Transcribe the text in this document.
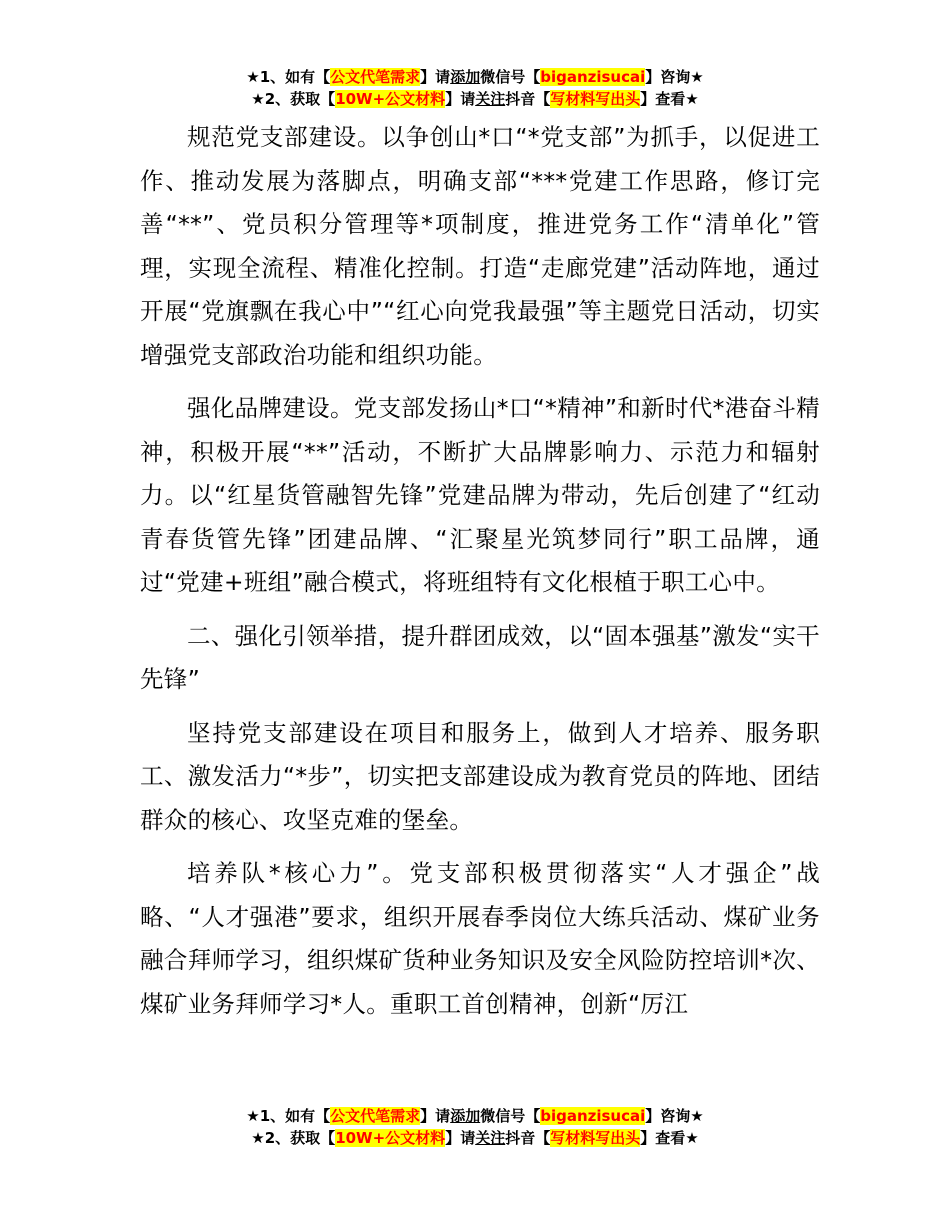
★1、如有【公文代笔需求】请添加微信号【biganzisucai】咨询★
★2、获取【10W+公文材料】请关注抖音【写材料写出头】查看★

规范党支部建设。以争创山*口“*党支部”为抓手，以促进工作、推动发展为落脚点，明确支部“***党建工作思路，修订完善“**”、党员积分管理等*项制度，推进党务工作“清单化”管理，实现全流程、精准化控制。打造“走廊党建”活动阵地，通过开展“党旗飘在我心中”“红心向党我最强”等主题党日活动，切实增强党支部政治功能和组织功能。

强化品牌建设。党支部发扬山*口“*精神”和新时代*港奋斗精神，积极开展“**”活动，不断扩大品牌影响力、示范力和辐射力。以“红星货管融智先锋”党建品牌为带动，先后创建了“红动青春货管先锋”团建品牌、“汇聚星光筑梦同行”职工品牌，通过“党建+班组”融合模式，将班组特有文化根植于职工心中。

二、强化引领举措，提升群团成效，以“固本强基”激发“实干先锋”

坚持党支部建设在项目和服务上，做到人才培养、服务职工、激发活力“*步”，切实把支部建设成为教育党员的阵地、团结群众的核心、攻坚克难的堡垒。

培养队*核心力”。党支部积极贯彻落实“人才强企”战略、“人才强港”要求，组织开展春季岗位大练兵活动、煤矿业务融合拜师学习，组织煤矿货种业务知识及安全风险防控培训*次、煤矿业务拜师学习*人。重职工首创精神，创新“厉江

★1、如有【公文代笔需求】请添加微信号【biganzisucai】咨询★
★2、获取【10W+公文材料】请关注抖音【写材料写出头】查看★
